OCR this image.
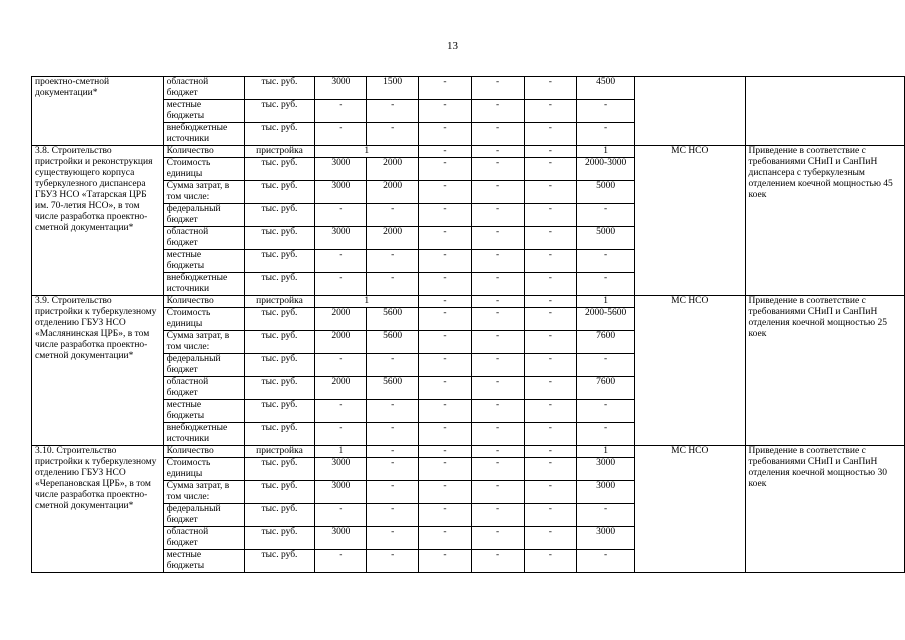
13
проектно-сметной документации*	областной бюджет	тыс. руб.	3000	1500	-	-	-	4500		
	местные бюджеты	тыс. руб.	-	-	-	-	-	-		
	внебюджетные источники	тыс. руб.	-	-	-	-	-	-		
3.8. Строительство пристройки и реконструкция существующего корпуса туберкулезного диспансера ГБУЗ НСО «Татарская ЦРБ им. 70-летия НСО», в том числе разработка проектно-сметной документации*	Количество	пристройка	1		-	-	-	1	МС НСО	Приведение в соответствие с требованиями СНиП и СанПиН диспансера с туберкулезным отделением коечной мощностью 45 коек
	Стоимость единицы	тыс. руб.	3000	2000	-	-	-	2000-3000		
	Сумма затрат, в том числе:	тыс. руб.	3000	2000	-	-	-	5000		
	федеральный бюджет	тыс. руб.	-	-	-	-	-	-		
	областной бюджет	тыс. руб.	3000	2000	-	-	-	5000		
	местные бюджеты	тыс. руб.	-	-	-	-	-	-		
	внебюджетные источники	тыс. руб.	-	-	-	-	-	-		

3.9. Строительство пристройки к туберкулезному отделению ГБУЗ НСО «Маслянинская ЦРБ», в том числе разработка проектно-сметной документации*	Количество	пристройка	1		-	-	-	1	МС НСО	Приведение в соответствие с требованиями СНиП и СанПиН отделения коечной мощностью 25 коек
	Стоимость единицы	тыс. руб.	2000	5600	-	-	-	2000-5600		
	Сумма затрат, в том числе:	тыс. руб.	2000	5600	-	-	-	7600		
	федеральный бюджет	тыс. руб.	-	-	-	-	-	-		
	областной бюджет	тыс. руб.	2000	5600	-	-	-	7600		
	местные бюджеты	тыс. руб.	-	-	-	-	-	-		
	внебюджетные источники	тыс. руб.	-	-	-	-	-	-		
3.10. Строительство пристройки к туберкулезному отделению ГБУЗ НСО «Черепановская ЦРБ», в том числе разработка проектно-сметной документации*	Количество	пристройка	1	-	-	-	-	1	МС НСО	Приведение в соответствие с требованиями СНиП и СанПиН отделения коечной мощностью 30 коек
	Стоимость единицы	тыс. руб.	3000	-	-	-	-	3000		
	Сумма затрат, в том числе:	тыс. руб.	3000	-	-	-	-	3000		
	федеральный бюджет	тыс. руб.	-	-	-	-	-	-		
	областной бюджет	тыс. руб.	3000	-	-	-	-	3000		
	местные бюджеты	тыс. руб.	-	-	-	-	-	-		
